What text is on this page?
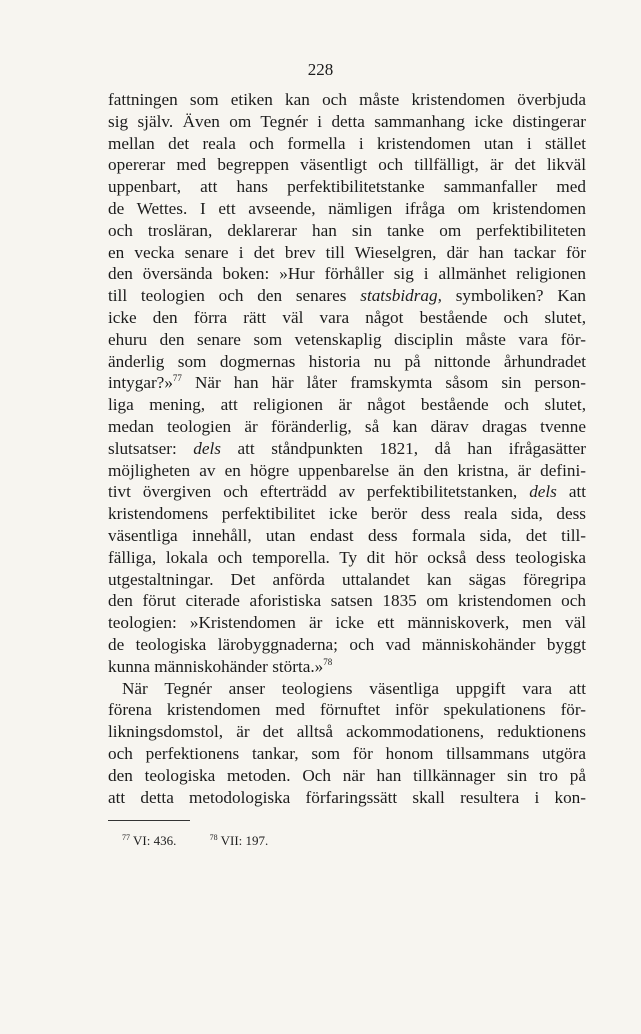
228
fattningen som etiken kan och måste kristendomen överbjuda
sig själv. Även om Tegnér i detta sammanhang icke distingerar
mellan det reala och formella i kristendomen utan i stället
opererar med begreppen väsentligt och tillfälligt, är det likväl
uppenbart, att hans perfektibilitetstanke sammanfaller med
de Wettes. I ett avseende, nämligen ifråga om kristendomen
och trosläran, deklarerar han sin tanke om perfektibiliteten
en vecka senare i det brev till Wieselgren, där han tackar för
den översända boken: »Hur förhåller sig i allmänhet religionen
till teologien och den senares statsbidrag, symboliken? Kan
icke den förra rätt väl vara något bestående och slutet,
ehuru den senare som vetenskaplig disciplin måste vara för-
änderlig som dogmernas historia nu på nittonde århundradet
intygar?»$^{77}$ När han här låter framskymta såsom sin person-
liga mening, att religionen är något bestående och slutet,
medan teologien är föränderlig, så kan därav dragas tvenne
slutsatser: dels att ståndpunkten 1821, då han ifrågasätter
möjligheten av en högre uppenbarelse än den kristna, är defini-
tivt övergiven och efterträdd av perfektibilitetstanken, dels att
kristendomens perfektibilitet icke berör dess reala sida, dess
väsentliga innehåll, utan endast dess formala sida, det till-
fälliga, lokala och temporella. Ty dit hör också dess teologiska
utgestaltningar. Det anförda uttalandet kan sägas föregripa
den förut citerade aforistiska satsen 1835 om kristendomen och
teologien: »Kristendomen är icke ett människoverk, men väl
de teologiska lärobyggnaderna; och vad människohänder byggt
kunna människohänder störta.»$^{78}$
När Tegnér anser teologiens väsentliga uppgift vara att
förena kristendomen med förnuftet inför spekulationens för-
likningsdomstol, är det alltså ackommodationens, reduktionens
och perfektionens tankar, som för honom tillsammans utgöra
den teologiska metoden. Och när han tillkännager sin tro på
att detta metodologiska förfaringssätt skall resultera i kon-
$^{77}$ VI: 436.	$^{78}$ VII: 197.
